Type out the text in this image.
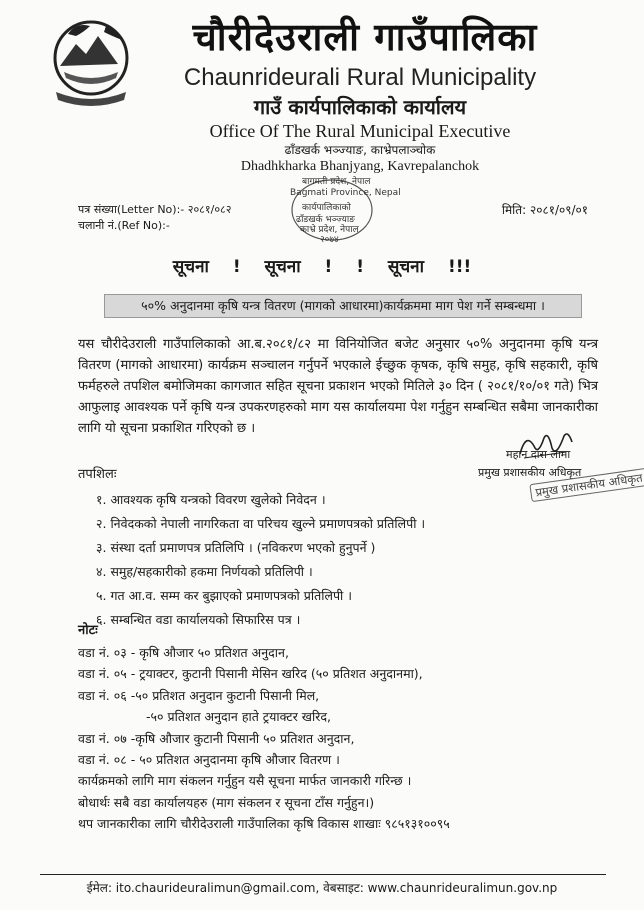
चौरीदेउराली गाउँपालिका
Chaunrideurali Rural Municipality
गाउँ कार्यपालिकाको कार्यालय
Office Of The Rural Municipal Executive
ढाँडखर्क भञ्ज्याङ, काभ्रेपलाञ्चोक
Dhadhkharka Bhanjyang, Kavrepalanchok
बागमती प्रदेश, नेपाल
Bagmati Province, Nepal
कार्यपालिकाको
ढाँडखर्क भञ्ज्याङ
काभ्रे प्रदेश, नेपाल
२०७४
पत्र संख्या(Letter No):- २०८१/०८२
चलानी नं.(Ref No):-
मिति: २०८१/०९/०१
सूचना ! सूचना ! ! सूचना !!!
५०% अनुदानमा कृषि यन्त्र वितरण (मागको आधारमा)कार्यक्रममा माग पेश गर्ने सम्बन्धमा ।
यस चौरीदेउराली गाउँपालिकाको आ.ब.२०८१/८२ मा विनियोजित बजेट अनुसार ५०% अनुदानमा कृषि यन्त्र वितरण (मागको आधारमा) कार्यक्रम सञ्चालन गर्नुपर्ने भएकाले ईच्छुक कृषक, कृषि समुह, कृषि सहकारी, कृषि फर्महरुले तपशिल बमोजिमका कागजात सहित सूचना प्रकाशन भएको मितिले ३० दिन ( २०८१/१०/०१ गते) भित्र आफुलाइ आवश्यक पर्ने कृषि यन्त्र उपकरणहरुको माग यस कार्यालयमा पेश गर्नुहुन सम्बन्धित सबैमा जानकारीका लागि यो सूचना प्रकाशित गरिएको छ ।
महान दास लामा
प्रमुख प्रशासकीय अधिकृत
प्रमुख प्रशासकीय अधिकृत
तपशिलः
१. आवश्यक कृषि यन्त्रको विवरण खुलेको निवेदन ।
२. निवेदकको नेपाली नागरिकता वा परिचय खुल्ने प्रमाणपत्रको प्रतिलिपी ।
३. संस्था दर्ता प्रमाणपत्र प्रतिलिपि । (नविकरण भएको हुनुपर्ने )
४. समुह/सहकारीको हकमा निर्णयको प्रतिलिपी ।
५. गत आ.व. सम्म कर बुझाएको प्रमाणपत्रको प्रतिलिपी ।
६. सम्बन्धित वडा कार्यालयको सिफारिस पत्र ।
नोटः
वडा नं. ०३ - कृषि औजार ५० प्रतिशत अनुदान,
वडा नं. ०५ - ट्रयाक्टर, कुटानी पिसानी मेसिन खरिद (५० प्रतिशत अनुदानमा),
वडा नं. ०६ -५० प्रतिशत अनुदान कुटानी पिसानी मिल,
-५० प्रतिशत अनुदान हाते ट्रयाक्टर खरिद,
वडा नं. ०७ -कृषि औजार कुटानी पिसानी ५० प्रतिशत अनुदान,
वडा नं. ०८ - ५० प्रतिशत अनुदानमा कृषि औजार वितरण ।
कार्यक्रमको लागि माग संकलन गर्नुहुन यसै सूचना मार्फत जानकारी गरिन्छ ।
बोधार्थः सबै वडा कार्यालयहरु (माग संकलन र सूचना टाँस गर्नुहुन।)
थप जानकारीका लागि चौरीदेउराली गाउँपालिका कृषि विकास शाखाः ९८५१३१००९५
ईमेल: ito.chaurideuralimun@gmail.com, वेबसाइट: www.chaunrideuralimun.gov.np
